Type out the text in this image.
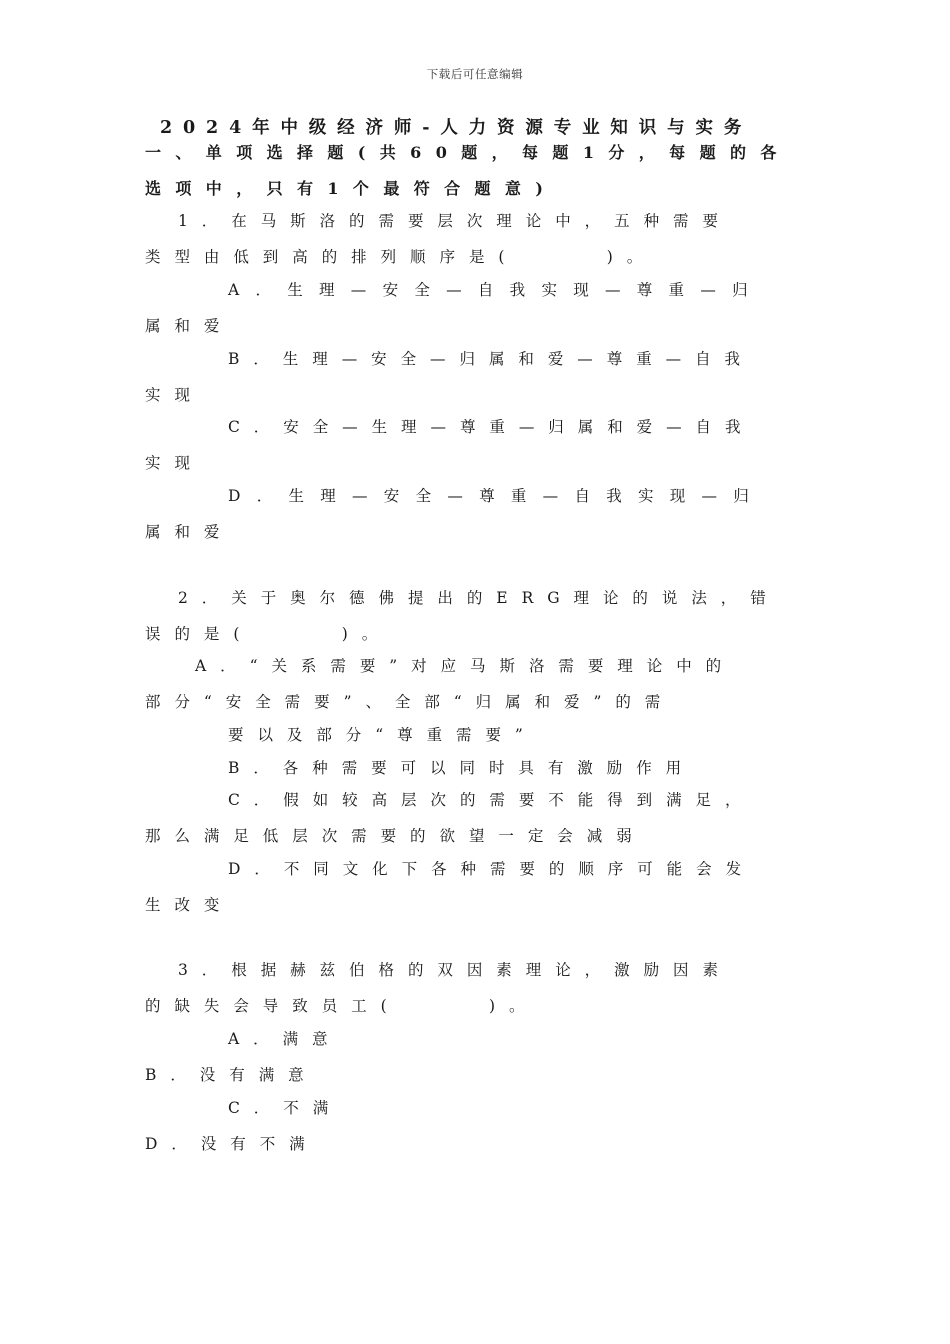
下载后可任意编辑
2024年中级经济师-人力资源专业知识与实务
一、单项选择题(共60题，每题1分，每题的各
选项中，只有1个最符合题意)
1．在马斯洛的需要层次理论中，五种需要
类型由低到高的排列顺序是(　　　)。
A．生理—安全—自我实现—尊重—归
属和爱
B．生理—安全—归属和爱—尊重—自我
实现
C．安全—生理—尊重—归属和爱—自我
实现
D．生理—安全—尊重—自我实现—归
属和爱
2．关于奥尔德佛提出的ERG理论的说法，错
误的是(　　　)。
A．“关系需要”对应马斯洛需要理论中的
部分“安全需要”、全部“归属和爱”的需
要以及部分“尊重需要”
B．各种需要可以同时具有激励作用
C．假如较高层次的需要不能得到满足，
那么满足低层次需要的欲望一定会减弱
D．不同文化下各种需要的顺序可能会发
生改变
3．根据赫兹伯格的双因素理论，激励因素
的缺失会导致员工(　　　)。
A．满意
B．没有满意
C．不满
D．没有不满
